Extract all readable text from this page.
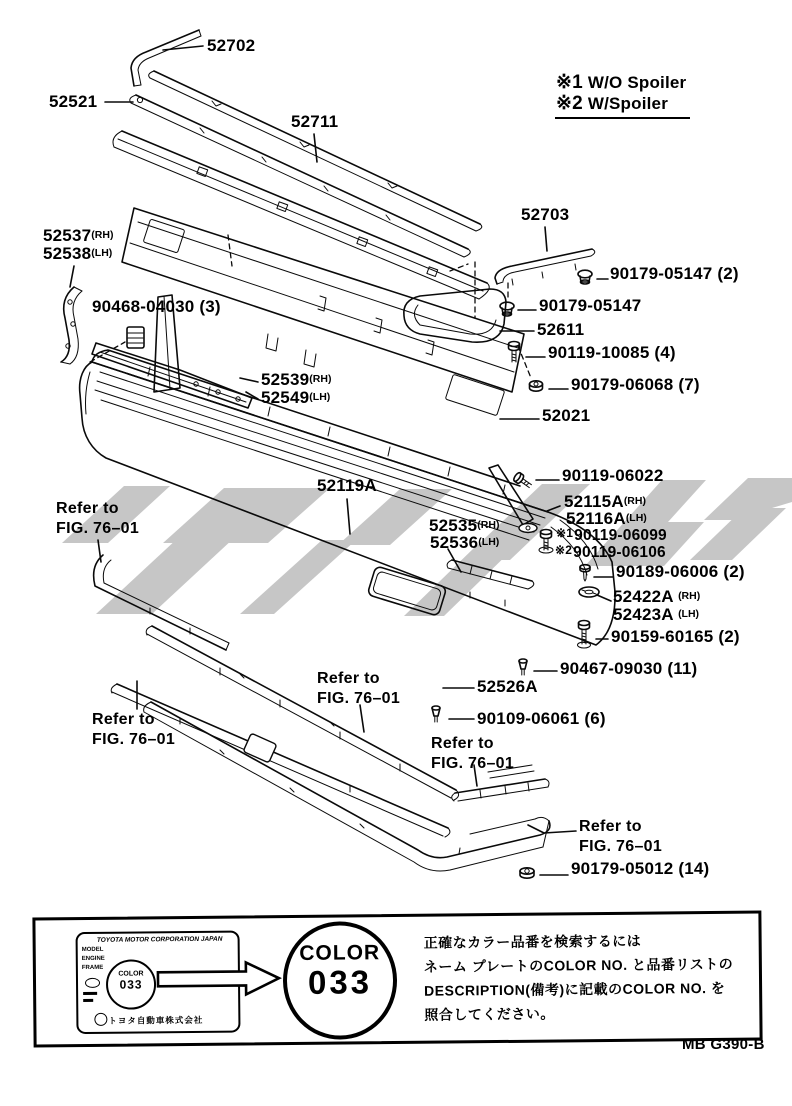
※1 W/O Spoiler
※2 W/Spoiler
52702
52521
52711
52703
90179-05147 (2)
$52537^{(RH)}$
$52538^{(LH)}$
90468-04030 (3)	90179-05147
52611
90119-10085 (4)
90179-06068 (7)
$52539^{(RH)}$
$52549^{(LH)}$
52021
52119A
90119-06022
$52115A^{(RH)}$
$52116A^{(LH)}$
$52535^{(RH)}$
$52536^{(LH)}$
※190119-06099
※290119-06106
Refer to
FIG. 76–01
90189-06006 (2)
52422A $^{(RH)}$
52423A $^{(LH)}$
90159-60165 (2)
90467-09030 (11)
52526A
90109-06061 (6)
Refer to
FIG. 76–01
Refer to
FIG. 76–01	Refer to
FIG. 76–01
Refer to
FIG. 76–01
90179-05012 (14)
TOYOTA MOTOR CORPORATION JAPAN
MODEL
ENGINE
FRAME
COLOR
033
トヨタ自動車株式会社
COLOR
033
正確なカラー品番を検索するには
ネーム プレートのCOLOR NO. と品番リストの
DESCRIPTION(備考)に記載のCOLOR NO. を
照合してください。
MB G390-B
